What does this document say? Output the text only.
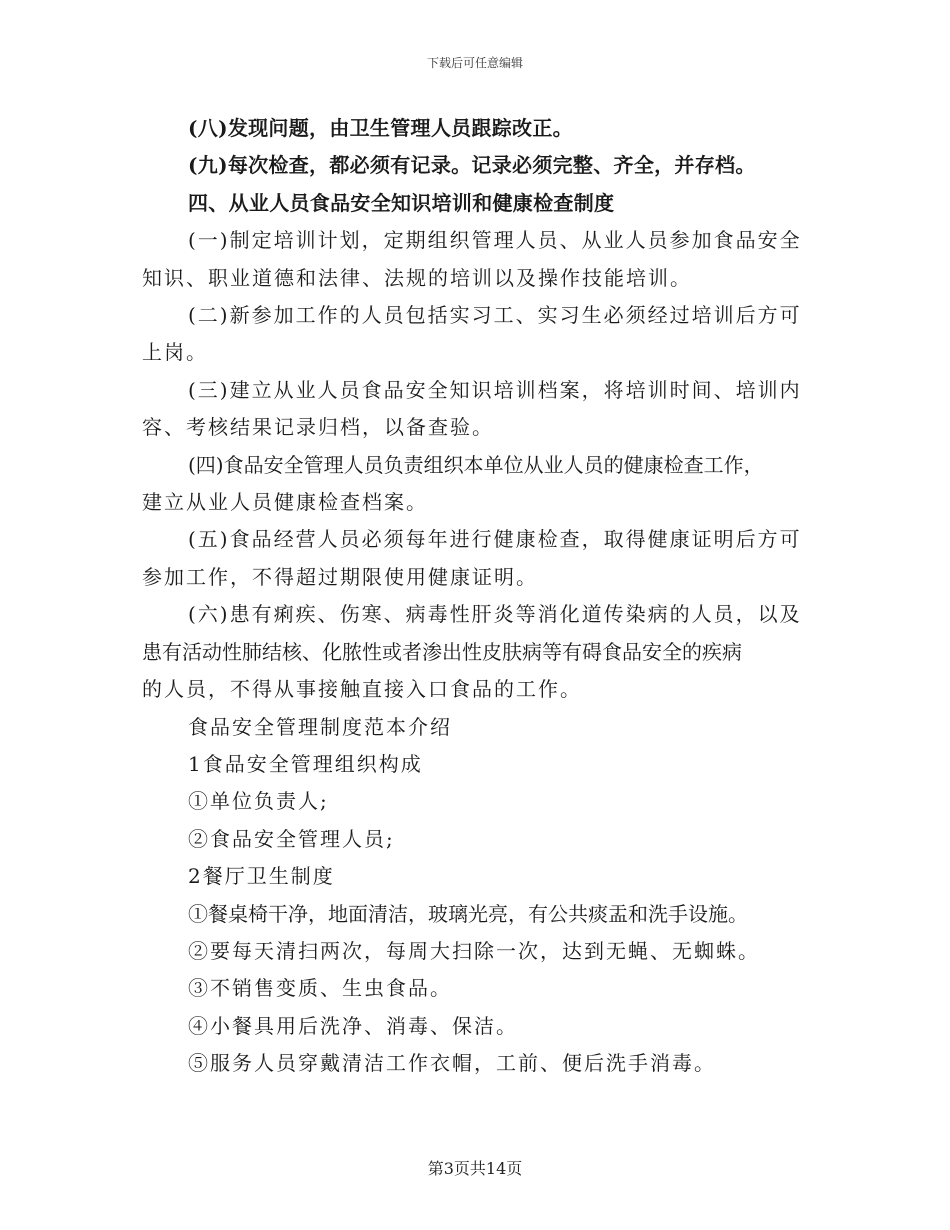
下载后可任意编辑

(八)发现问题，由卫生管理人员跟踪改正。

(九)每次检查，都必须有记录。记录必须完整、齐全，并存档。

四、从业人员食品安全知识培训和健康检查制度

(一)制定培训计划，定期组织管理人员、从业人员参加食品安全

知识、职业道德和法律、法规的培训以及操作技能培训。

(二)新参加工作的人员包括实习工、实习生必须经过培训后方可

上岗。

(三)建立从业人员食品安全知识培训档案，将培训时间、培训内

容、考核结果记录归档，以备查验。

(四)食品安全管理人员负责组织本单位从业人员的健康检查工作，

建立从业人员健康检查档案。

(五)食品经营人员必须每年进行健康检查，取得健康证明后方可

参加工作，不得超过期限使用健康证明。

(六)患有痢疾、伤寒、病毒性肝炎等消化道传染病的人员，以及

患有活动性肺结核、化脓性或者渗出性皮肤病等有碍食品安全的疾病

的人员，不得从事接触直接入口食品的工作。

食品安全管理制度范本介绍

1食品安全管理组织构成

①单位负责人;

②食品安全管理人员;

2餐厅卫生制度

①餐桌椅干净，地面清洁，玻璃光亮，有公共痰盂和洗手设施。

②要每天清扫两次，每周大扫除一次，达到无蝇、无蜘蛛。

③不销售变质、生虫食品。

④小餐具用后洗净、消毒、保洁。

⑤服务人员穿戴清洁工作衣帽，工前、便后洗手消毒。

第3页共14页
